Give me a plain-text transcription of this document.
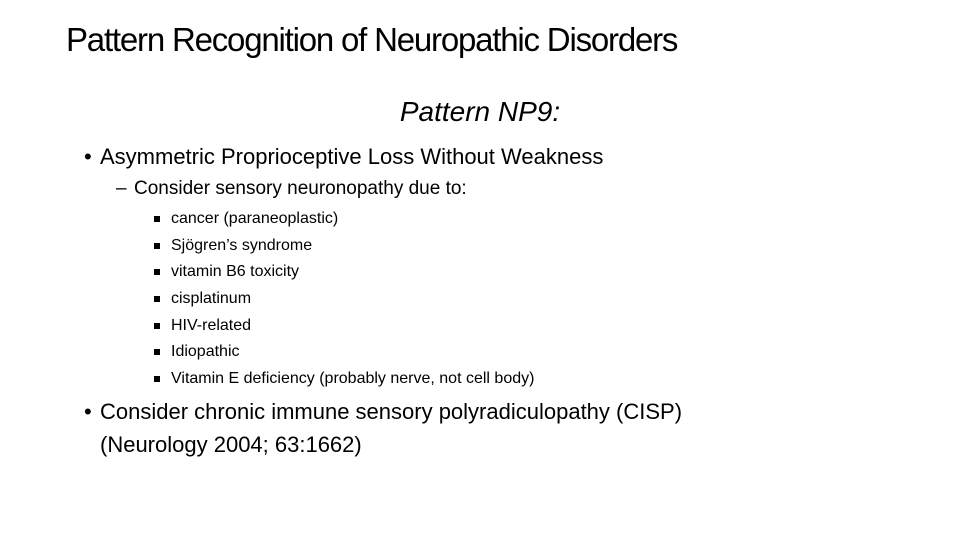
Pattern Recognition of Neuropathic Disorders
Pattern NP9:
• Asymmetric Proprioceptive Loss Without Weakness
– Consider sensory neuronopathy due to:
cancer (paraneoplastic)
Sjögren’s syndrome
vitamin B6 toxicity
cisplatinum
HIV-related
Idiopathic
Vitamin E deficiency (probably nerve, not cell body)
• Consider chronic immune sensory polyradiculopathy (CISP)
(Neurology 2004; 63:1662)
